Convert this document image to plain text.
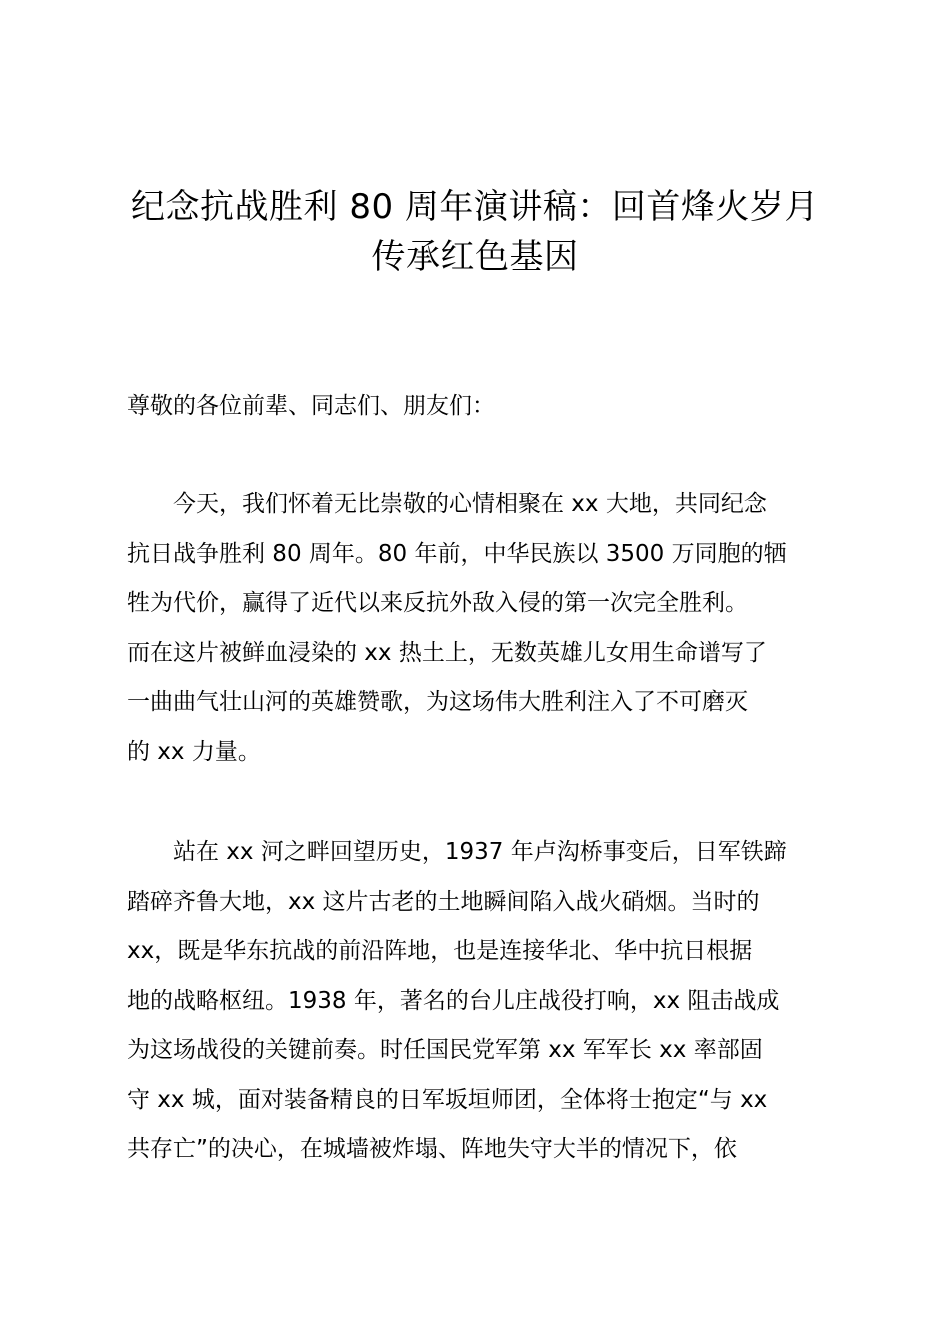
纪念抗战胜利 80 周年演讲稿：回首烽火岁月
传承红色基因

尊敬的各位前辈、同志们、朋友们：

　　今天，我们怀着无比崇敬的心情相聚在 xx 大地，共同纪念
抗日战争胜利 80 周年。80 年前，中华民族以 3500 万同胞的牺
牲为代价，赢得了近代以来反抗外敌入侵的第一次完全胜利。
而在这片被鲜血浸染的 xx 热土上，无数英雄儿女用生命谱写了
一曲曲气壮山河的英雄赞歌，为这场伟大胜利注入了不可磨灭
的 xx 力量。
　　站在 xx 河之畔回望历史，1937 年卢沟桥事变后，日军铁蹄
踏碎齐鲁大地，xx 这片古老的土地瞬间陷入战火硝烟。当时的
xx，既是华东抗战的前沿阵地，也是连接华北、华中抗日根据
地的战略枢纽。1938 年，著名的台儿庄战役打响，xx 阻击战成
为这场战役的关键前奏。时任国民党军第 xx 军军长 xx 率部固
守 xx 城，面对装备精良的日军坂垣师团，全体将士抱定“与 xx
共存亡”的决心，在城墙被炸塌、阵地失守大半的情况下，依
